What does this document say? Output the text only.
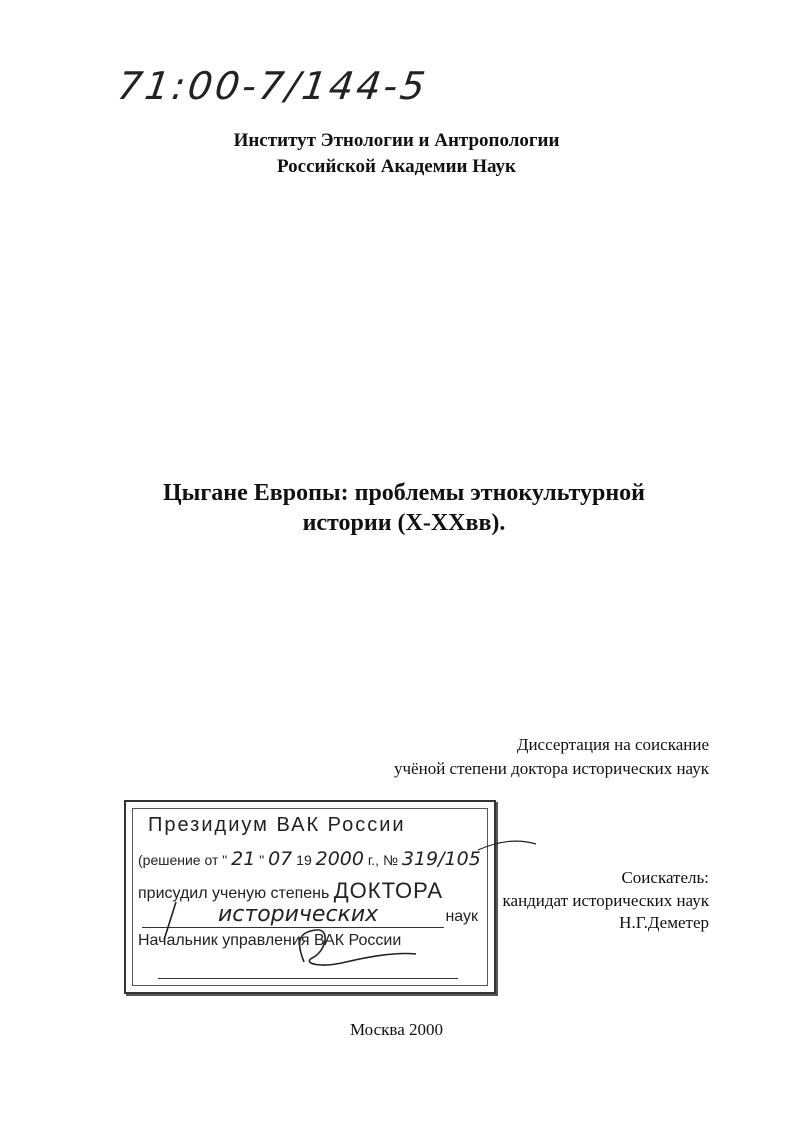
71:00-7/144-5
Институт Этнологии и Антропологии
Российской Академии Наук
Цыгане Европы: проблемы этнокультурной
истории (X-XXвв).
Диссертация на соискание
учёной степени доктора исторических наук
Соискатель:
кандидат исторических наук
Н.Г.Деметер
Президиум ВАК России
(решение от " 21 " 07 19 2000 г., № 319/105
присудил ученую степень ДОКТОРА
исторических	наук
Начальник управления ВАК России
Москва 2000
